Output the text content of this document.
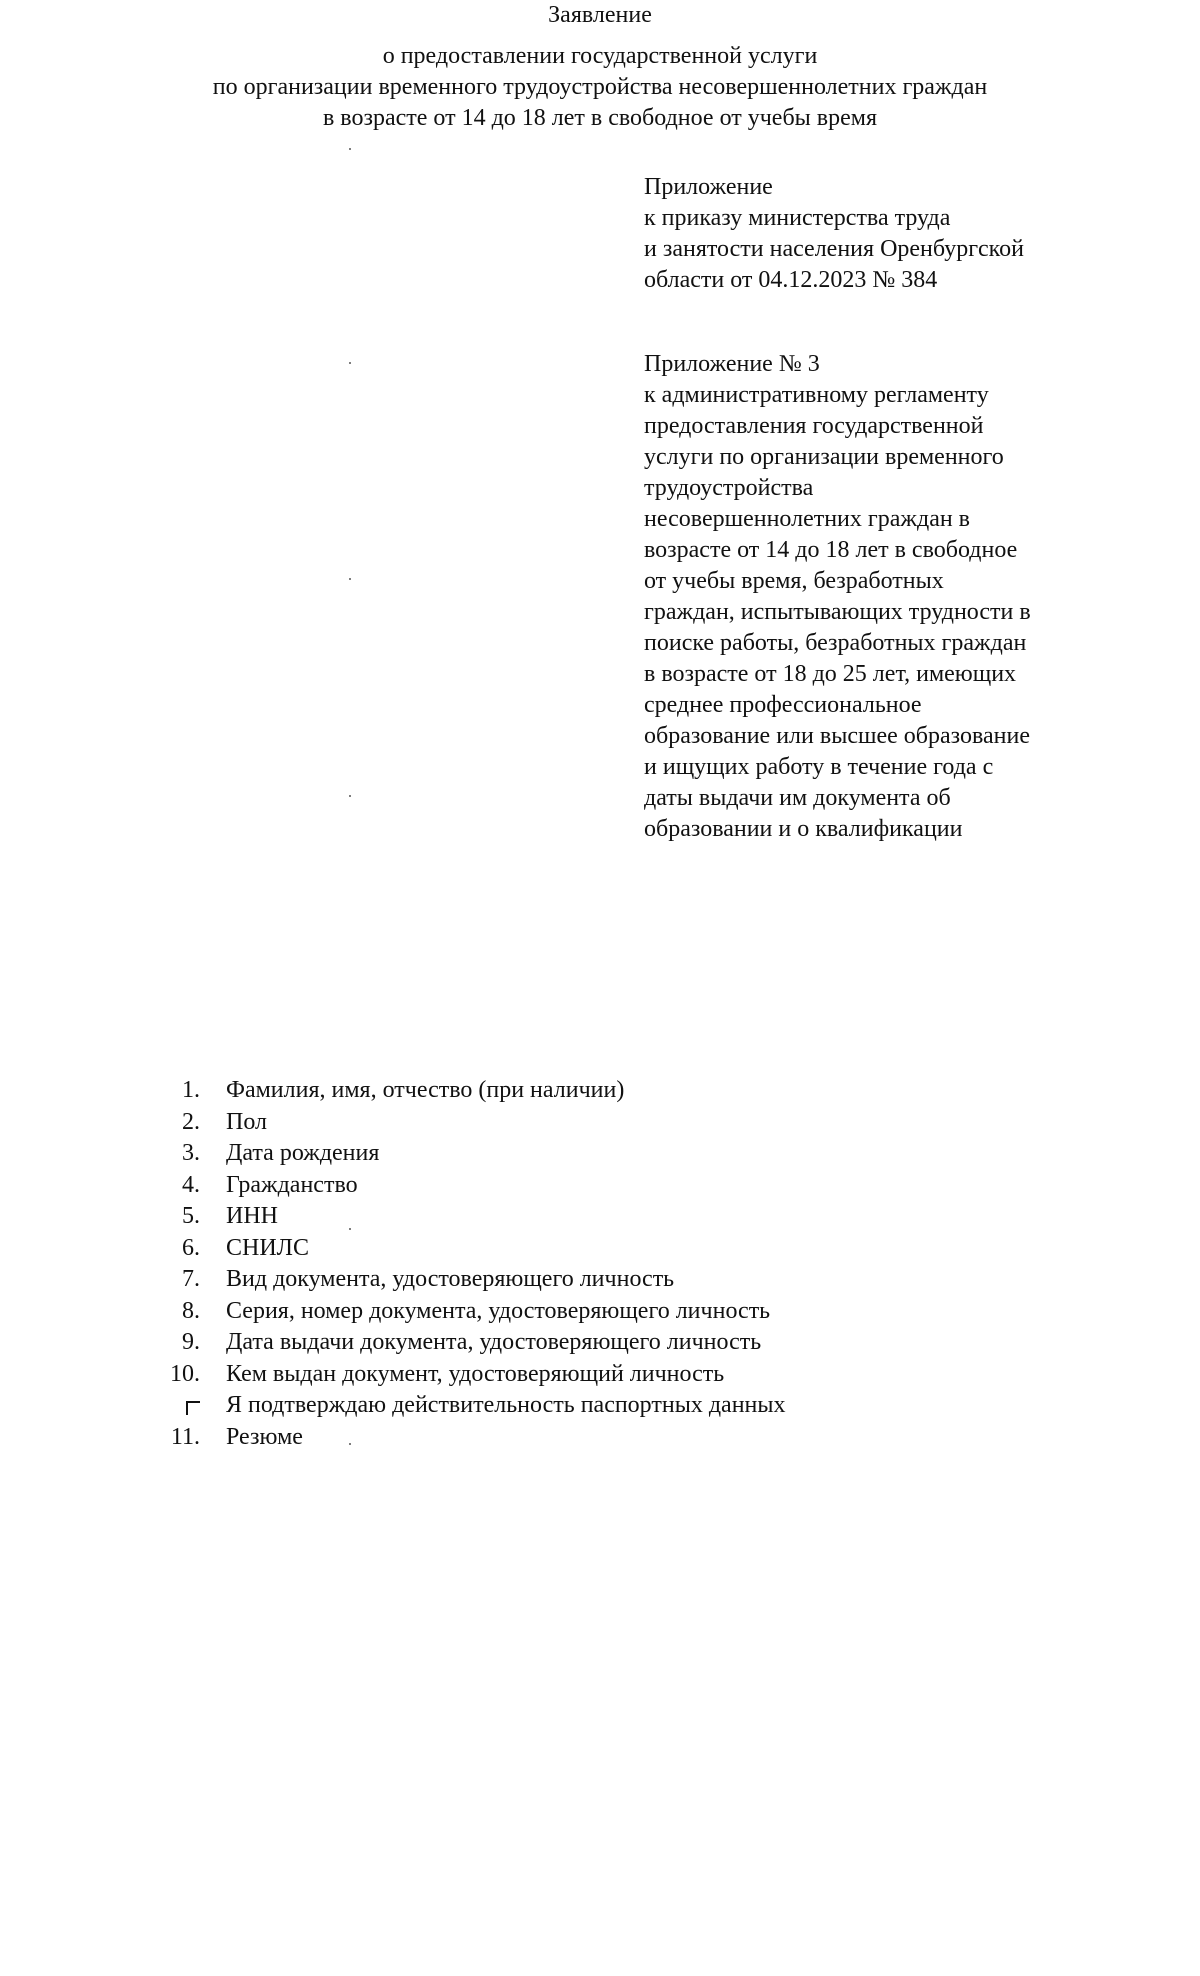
Приложение
к приказу министерства труда
и занятости населения Оренбургской
области от 04.12.2023 № 384
Приложение № 3
к административному регламенту
предоставления государственной
услуги по организации временного
трудоустройства
несовершеннолетних граждан в
возрасте от 14 до 18 лет в свободное
от учебы время, безработных
граждан, испытывающих трудности в
поиске работы, безработных граждан
в возрасте от 18 до 25 лет, имеющих
среднее профессиональное
образование или высшее образование
и ищущих работу в течение года с
даты выдачи им документа об
образовании и о квалификации
Заявление
о предоставлении государственной услуги
по организации временного трудоустройства несовершеннолетних граждан
в возрасте от 14 до 18 лет в свободное от учебы время
1. Фамилия, имя, отчество (при наличии)
2. Пол
3. Дата рождения
4. Гражданство
5. ИНН
6. СНИЛС
7. Вид документа, удостоверяющего личность
8. Серия, номер документа, удостоверяющего личность
9. Дата выдачи документа, удостоверяющего личность
10. Кем выдан документ, удостоверяющий личность
Я подтверждаю действительность паспортных данных
11. Резюме
